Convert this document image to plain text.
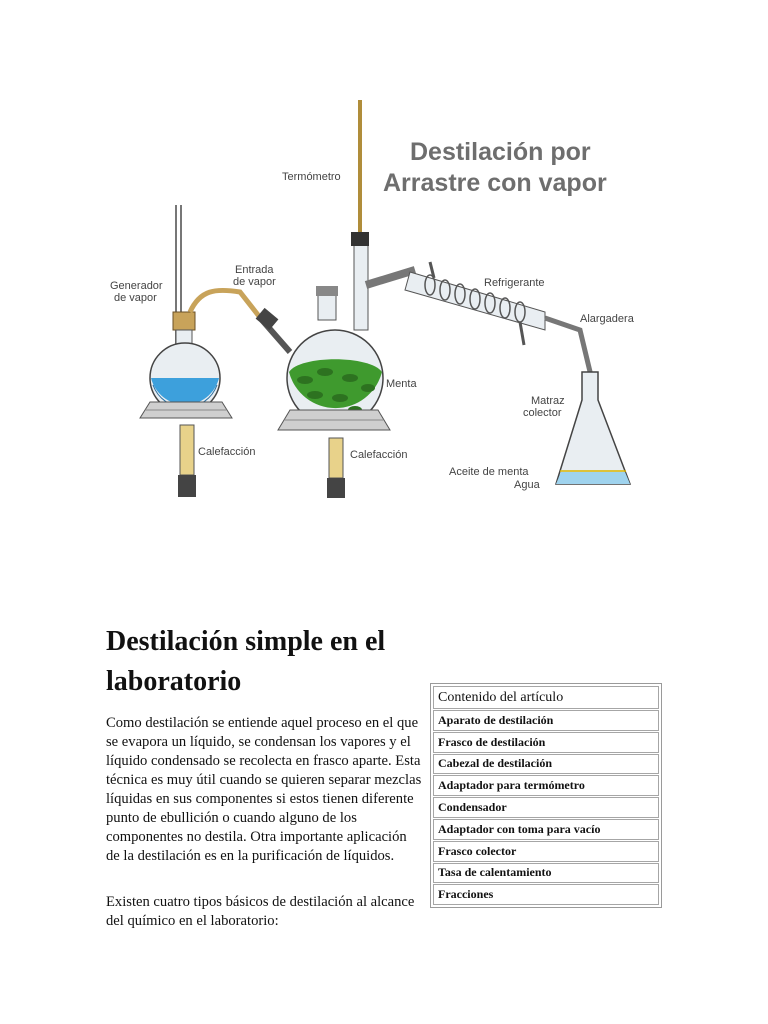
Destilación por
Arrastre con vapor
Termómetro
Entrada
de vapor
Generador
de vapor
Refrigerante
Alargadera
Menta
Matraz
colector
Calefacción	Calefacción
Aceite de menta
Agua
Destilación simple en el laboratorio

Como destilación se entiende aquel proceso en el que se evapora un líquido, se condensan los vapores y el líquido condensado se recolecta en frasco aparte. Esta técnica es muy útil cuando se quieren separar mezclas líquidas en sus componentes si estos tienen diferente punto de ebullición o cuando alguno de los componentes no destila. Otra importante aplicación de la destilación es en la purificación de líquidos.

Existen cuatro tipos básicos de destilación al alcance del químico en el laboratorio:

Contenido del artículo
Aparato de destilación
Frasco de destilación
Cabezal de destilación
Adaptador para termómetro
Condensador
Adaptador con toma para vacío
Frasco colector
Tasa de calentamiento
Fracciones
